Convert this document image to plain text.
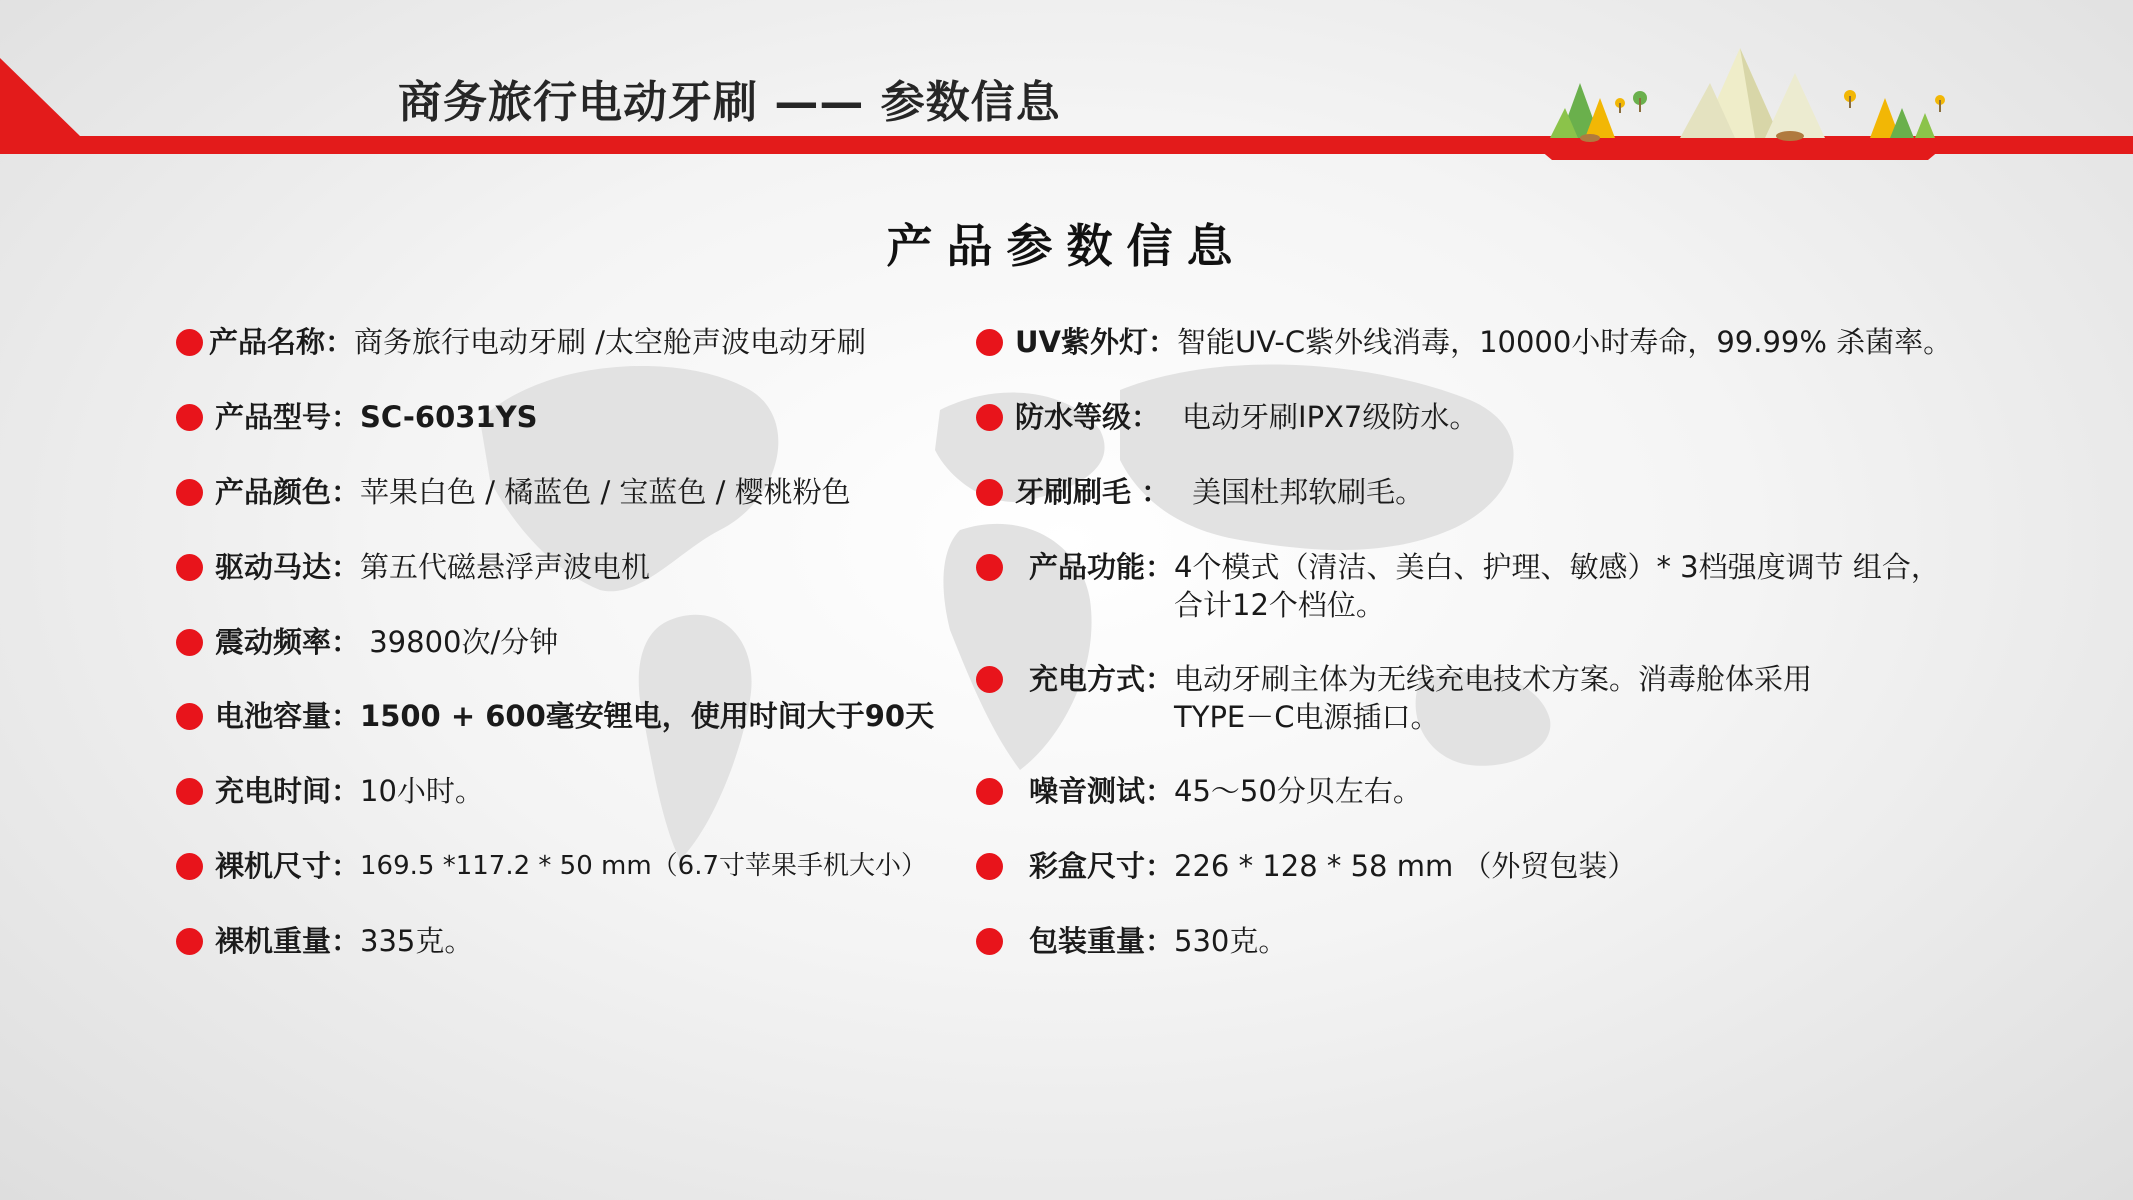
商务旅行电动牙刷 —— 参数信息
产品参数信息
产品名称： 商务旅行电动牙刷 /太空舱声波电动牙刷
产品型号： SC-6031YS
产品颜色： 苹果白色 / 橘蓝色 / 宝蓝色 / 樱桃粉色
驱动马达： 第五代磁悬浮声波电机
震动频率： 39800次/分钟
电池容量： 1500 + 600毫安锂电，使用时间大于90天
充电时间： 10小时。
裸机尺寸： 169.5 *117.2 * 50 mm（6.7寸苹果手机大小）
裸机重量： 335克。
UV紫外灯： 智能UV-C紫外线消毒，10000小时寿命，99.99% 杀菌率。
防水等级： 电动牙刷IPX7级防水。
牙刷刷毛 ： 美国杜邦软刷毛。
产品功能： 4个模式（清洁、美白、护理、敏感）* 3档强度调节 组合，合计12个档位。
充电方式： 电动牙刷主体为无线充电技术方案。消毒舱体采用TYPE－C电源插口。
噪音测试： 45～50分贝左右。
彩盒尺寸： 226 * 128 * 58 mm （外贸包装）
包装重量： 530克。
